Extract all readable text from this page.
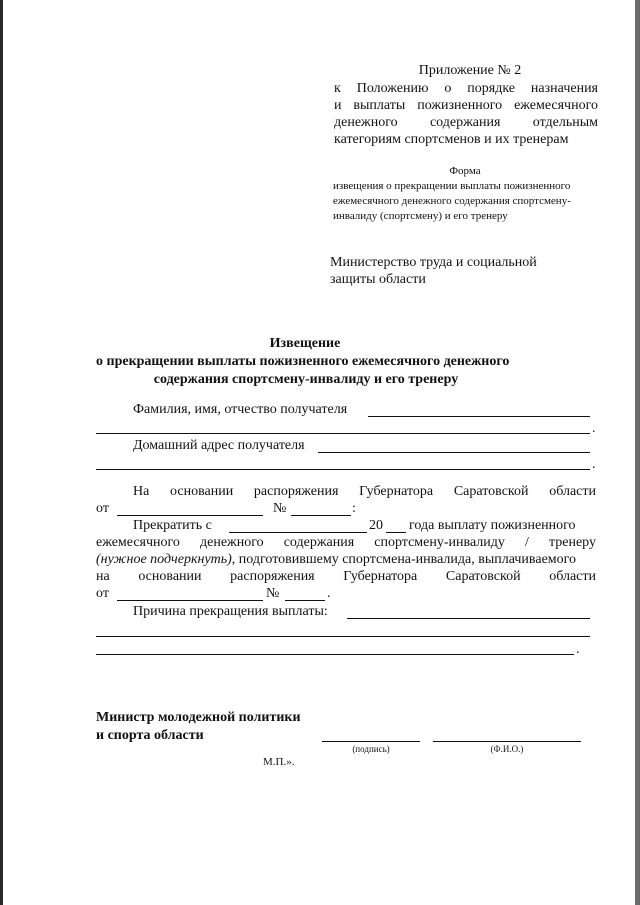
Приложение № 2
к Положению о порядке назначения
и выплаты пожизненного ежемесячного
денежного содержания отдельным
категориям спортсменов и их тренерам
Форма
извещения о прекращении выплаты пожизненного
ежемесячного денежного содержания спортсмену-
инвалиду (спортсмену) и его тренеру
Министерство труда и социальной
защиты области
Извещение
о прекращении выплаты пожизненного ежемесячного денежного
содержания спортсмену-инвалиду и его тренеру
Фамилия, имя, отчество получателя
.
Домашний адрес получателя
.
На основании распоряжения Губернатора Саратовской области
от	№	:
Прекратить с	20 года выплату пожизненного
ежемесячного денежного содержания спортсмену-инвалиду / тренеру
(нужное подчеркнуть), подготовившему спортсмена-инвалида, выплачиваемого
на основании распоряжения Губернатора Саратовской области
от	№	.
Причина прекращения выплаты:
.
Министр молодежной политики
и спорта области
(подпись)	(Ф.И.О.)
М.П.».
